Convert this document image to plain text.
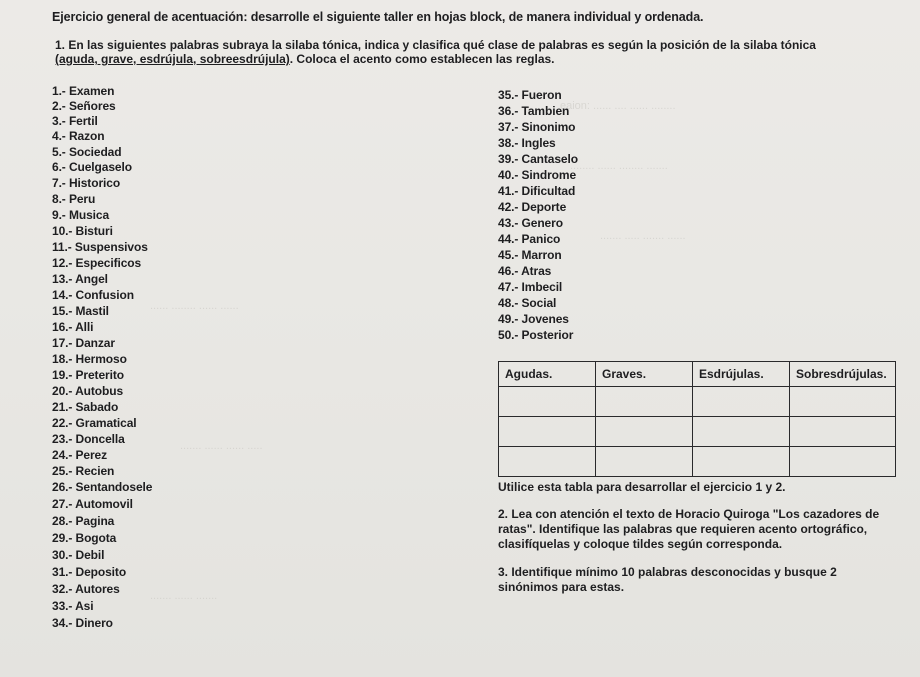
eaion: ...... .... ...... ........
........ ...... ........ .......
....... ..... ....... ......
...... ........ ...... ......
....... ...... ...... .....
....... ...... .......
Ejercicio general de acentuación: desarrolle el siguiente taller en hojas block, de manera individual y ordenada.
1. En las siguientes palabras subraya la silaba tónica, indica y clasifica qué clase de palabras es según la posición de la silaba tónica (aguda, grave, esdrújula, sobreesdrújula). Coloca el acento como establecen las reglas.
1.- Examen
2.- Señores
3.- Fertil
4.- Razon
5.- Sociedad
6.- Cuelgaselo
7.- Historico
8.- Peru
9.- Musica
10.- Bisturi
11.- Suspensivos
12.- Especificos
13.- Angel
14.- Confusion
15.- Mastil
16.- Alli
17.- Danzar
18.- Hermoso
19.- Preterito
20.- Autobus
21.- Sabado
22.- Gramatical
23.- Doncella
24.- Perez
25.- Recien
26.- Sentandosele
27.- Automovil
28.- Pagina
29.- Bogota
30.- Debil
31.- Deposito
32.- Autores
33.- Asi
34.- Dinero
35.- Fueron
36.- Tambien
37.- Sinonimo
38.- Ingles
39.- Cantaselo
40.- Sindrome
41.- Dificultad
42.- Deporte
43.- Genero
44.- Panico
45.- Marron
46.- Atras
47.- Imbecil
48.- Social
49.- Jovenes
50.- Posterior
Agudas.	Graves.	Esdrújulas.	Sobresdrújulas.

Utilice esta tabla para desarrollar el ejercicio 1 y 2.
2. Lea con atención el texto de Horacio Quiroga "Los cazadores de ratas". Identifique las palabras que requieren acento ortográfico, clasifíquelas y coloque tildes según corresponda.
3. Identifique mínimo 10 palabras desconocidas y busque 2 sinónimos para estas.
